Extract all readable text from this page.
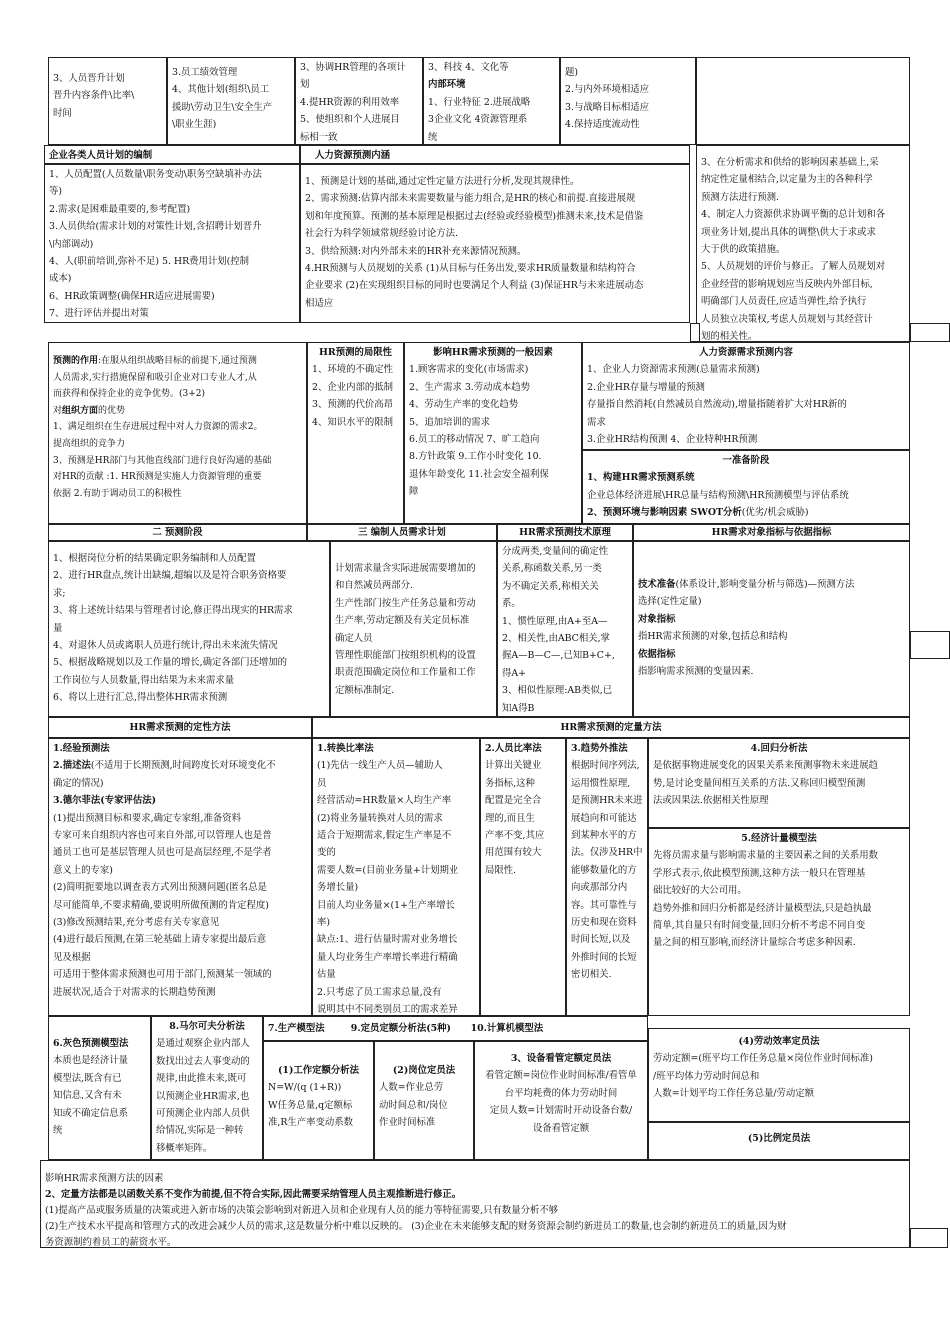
3、人员晋升计划
晋升内容条件\比率\
时间
3.员工绩效管理
4、其他计划(组织\员工
援助\劳动卫生\安全生产
\职业生涯)
3、协调HR管理的各项计
划
4.提HR资源的利用效率
5、使组织和个人进展目
标相一致
3、科技 4、文化等
内部环境
1、行业特征 2.进展战略
3企业文化 4资源管理系
统
题)
2.与内外环境相适应
3.与战略目标相适应
4.保持适度流动性
企业各类人员计划的编制	人力资源预测内涵
1、人员配置(人员数量\职务变动\职务空缺填补办法
等)
2.需求(是困难最重要的,参考配置)
3.人员供给(需求计划的对策性计划,含招聘计划晋升
\内部调动)
4、人(职前培训,弥补不足) 5. HR费用计划(控制
成本)
6、HR政策调整(确保HR适应进展需要)
7、进行评估并提出对策
1、预测是计划的基础,通过定性定量方法进行分析,发现其规律性。
2、需求预测:估算内部未来需要数量与能力组合,是HR的核心和前提.直接进展规
划和年度预算。预测的基本原理是根据过去(经验或经验模型)推测未来,技术是借鉴
社会行为科学领域常规经验讨论方法.
3、供给预测:对内外部未来的HR补充来源情况预测。
4.HR预测与人员规划的关系 (1)从目标与任务出发,要求HR质量数量和结构符合
企业要求 (2)在实现组织目标的同时也要满足个人利益 (3)保证HR与未来进展动态
相适应
3、在分析需求和供给的影响因素基础上,采
纳定性定量相结合,以定量为主的各种科学
预测方法进行预测.
4、制定人力资源供求协调平衡的总计划和各
项业务计划,提出具体的调整\供大于求或求
大于供的政策措施。
5、人员规划的评价与修正。了解人员规划对
企业经营的影响规划应当反映内外部目标,
明确部门人员责任,应适当弹性,给予执行
人员独立决策权,考虑人员规划与其经营计
划的相关性。
预测的作用:在服从组织战略目标的前提下,通过预测
人员需求,实行措施保留和吸引企业对口专业人才,从
而获得和保持企业的竞争优势。(3+2)
对组织方面的优势
1、满足组织在生存进展过程中对人力资源的需求2。
提高组织的竞争力
3、预测是HR部门与其他直线部门进行良好沟通的基础
对HR的贡献 :1. HR预测是实施人力资源管理的重要
依据 2.有助于调动员工的积极性
HR预测的局限性
1、环境的不确定性
2、企业内部的抵制
3、预测的代价高昂
4、知识水平的限制
影响HR需求预测的一般因素
1.顾客需求的变化(市场需求)
2、生产需求 3.劳动成本趋势
4、劳动生产率的变化趋势
5、追加培训的需求
6.员工的移动情况 7、旷工趋向
8.方针政策 9.工作小时变化 10.
退休年龄变化 11.社会安全福利保
障
人力资源需求预测内容
1、企业人力资源需求预测(总量需求预测)
2.企业HR存量与增量的预测
存量指自然消耗(自然减员自然流动),增量指随着扩大对HR新的
需求
3.企业HR结构预测 4、企业特种HR预测
一准备阶段
1、构建HR需求预测系统
企业总体经济进展\HR总量与结构预测\HR预测模型与评估系统
2、预测环境与影响因素 SWOT分析(优劣/机会威胁)
二 预测阶段	三 编制人员需求计划	HR需求预测技术原理	HR需求对象指标与依据指标
1、根据岗位分析的结果确定职务编制和人员配置
2、进行HR盘点,统计出缺编,超编以及是符合职务资格要
求;
3、将上述统计结果与管理者讨论,修正得出现实的HR需求
量
4、对退休人员或离职人员进行统计,得出未来流失情况
5、根据战略规划以及工作量的增长,确定各部门还增加的
工作岗位与人员数量,得出结果为未来需求量
6、将以上进行汇总,得出整体HR需求预测
计划需求量含实际进展需要增加的
和自然减员两部分.
生产性部门按生产任务总量和劳动
生产率,劳动定额及有关定员标准
确定人员
管理性职能部门按组织机构的设置
职责范围确定岗位和工作量和工作
定额标准制定.
分成两类,变量间的确定性
关系,称函数关系,另一类
为不确定关系,称相关关
系。
1、惯性原理,由A+至A—
2、相关性,由ABC相关,掌
握A—B—C—,已知B+C+,
得A+
3、相似性原理:AB类似,已
知A得B
技术准备(体系设计,影响变量分析与筛选)—预测方法
选择(定性定量)
对象指标
指HR需求预测的对象,包括总和结构
依据指标
指影响需求预测的变量因素.
HR需求预测的定性方法	HR需求预测的定量方法
1.经验预测法
2.描述法(不适用于长期预测,时间跨度长对环境变化不
确定的情况)
3.德尔菲法(专家评估法)
(1)提出预测目标和要求,确定专家组,准备资料
专家可来自组织内容也可来自外部,可以管理人也是普
通员工也可是基层管理人员也可是高层经理,不是学者
意义上的专家)
(2)简明扼要地以调查表方式列出预测问题(匿名总是
尽可能简单,不要求精确,要说明所做预测的肯定程度)
(3)修改预测结果,充分考虑有关专家意见
(4)进行最后预测,在第三轮基础上请专家提出最后意
见及根据
可适用于整体需求预测也可用于部门,预测某一领域的
进展状况,适合于对需求的长期趋势预测
1.转换比率法
(1)先估一线生产人员—辅助人
员
经营活动=HR数量×人均生产率
(2)将业务量转换对人员的需求
适合于短期需求,假定生产率是不
变的
需要人数=(目前业务量+计划期业
务增长量)
目前人均业务量×(1+生产率增长
率)
缺点:1、进行估量时需对业务增长
量人均业务生产率增长率进行精确
估量
2.只考虑了员工需求总量,没有
说明其中不同类别员工的需求差异
2.人员比率法
计算出关键业
务指标,这种
配置是完全合
理的,而且生
产率不变,其应
用范围有较大
局限性.
3.趋势外推法
根据时间序列法,
运用惯性原理,
是预测HR未来进
展趋向和可能达
到某种水平的方
法。仅涉及HR中
能够数量化的方
向或那部分内
容。其可靠性与
历史和现在资料
时间长短,以及
外推时间的长短
密切相关.
4.回归分析法
是依据事物进展变化的因果关系来预测事物未来进展趋
势,是讨论变量间相互关系的方法.又称回归模型预测
法或因果法.依据相关性原理
5.经济计量模型法
先将员需求量与影响需求量的主要因素之间的关系用数
学形式表示,依此模型预测,这种方法一般只在管理基
础比较好的大公司用。
趋势外推和回归分析都是经济计量模型法,只是趋执最
简单,其自量只有时间变量,回归分析不考虑不同自变
量之间的相互影响,而经济计量综合考虑多种因素.
6.灰色预测模型法
本质也是经济计量
模型法,既含有已
知信息,又含有未
知或不确定信息系
统
8.马尔可夫分析法
是通过观察企业内部人
数找出过去人事变动的
规律,由此推未来,既可
以预测企业HR需求,也
可预测企业内部人员供
给情况,实际是一种转
移概率矩阵。
7.生产模型法	9.定员定额分析法(5种) 10.计算机模型法
(1)工作定额分析法
N=W/(q (1+R))
W任务总量,q定额标
准,R生产率变动系数
(2)岗位定员法
人数=作业总劳
动时间总和/岗位
作业时间标准
3、设备看管定额定员法
看管定额=岗位作业时间标准/看管单
台平均耗费的体力劳动时间
定员人数=计划需时开动设备台数/
设备看管定额
(4)劳动效率定员法
劳动定额=(班平均工作任务总量×岗位作业时间标准)
/班平均体力劳动时间总和
人数=计划平均工作任务总量/劳动定额
(5)比例定员法
影响HR需求预测方法的因素
2、定量方法都是以函数关系不变作为前提,但不符合实际,因此需要采纳管理人员主观推断进行修正。
(1)提高产品或服务质量的决策或进入新市场的决策会影响到对新进入员和企业现有人员的能力等特征需要,只有数量分析不够
(2)生产技术水平提高和管理方式的改进会减少人员的需求,这是数量分析中难以反映的。 (3)企业在未来能够支配的财务资源会制约新进员工的数量,也会制约新进员工的质量,因为财
务资源制约着员工的薪资水平。
